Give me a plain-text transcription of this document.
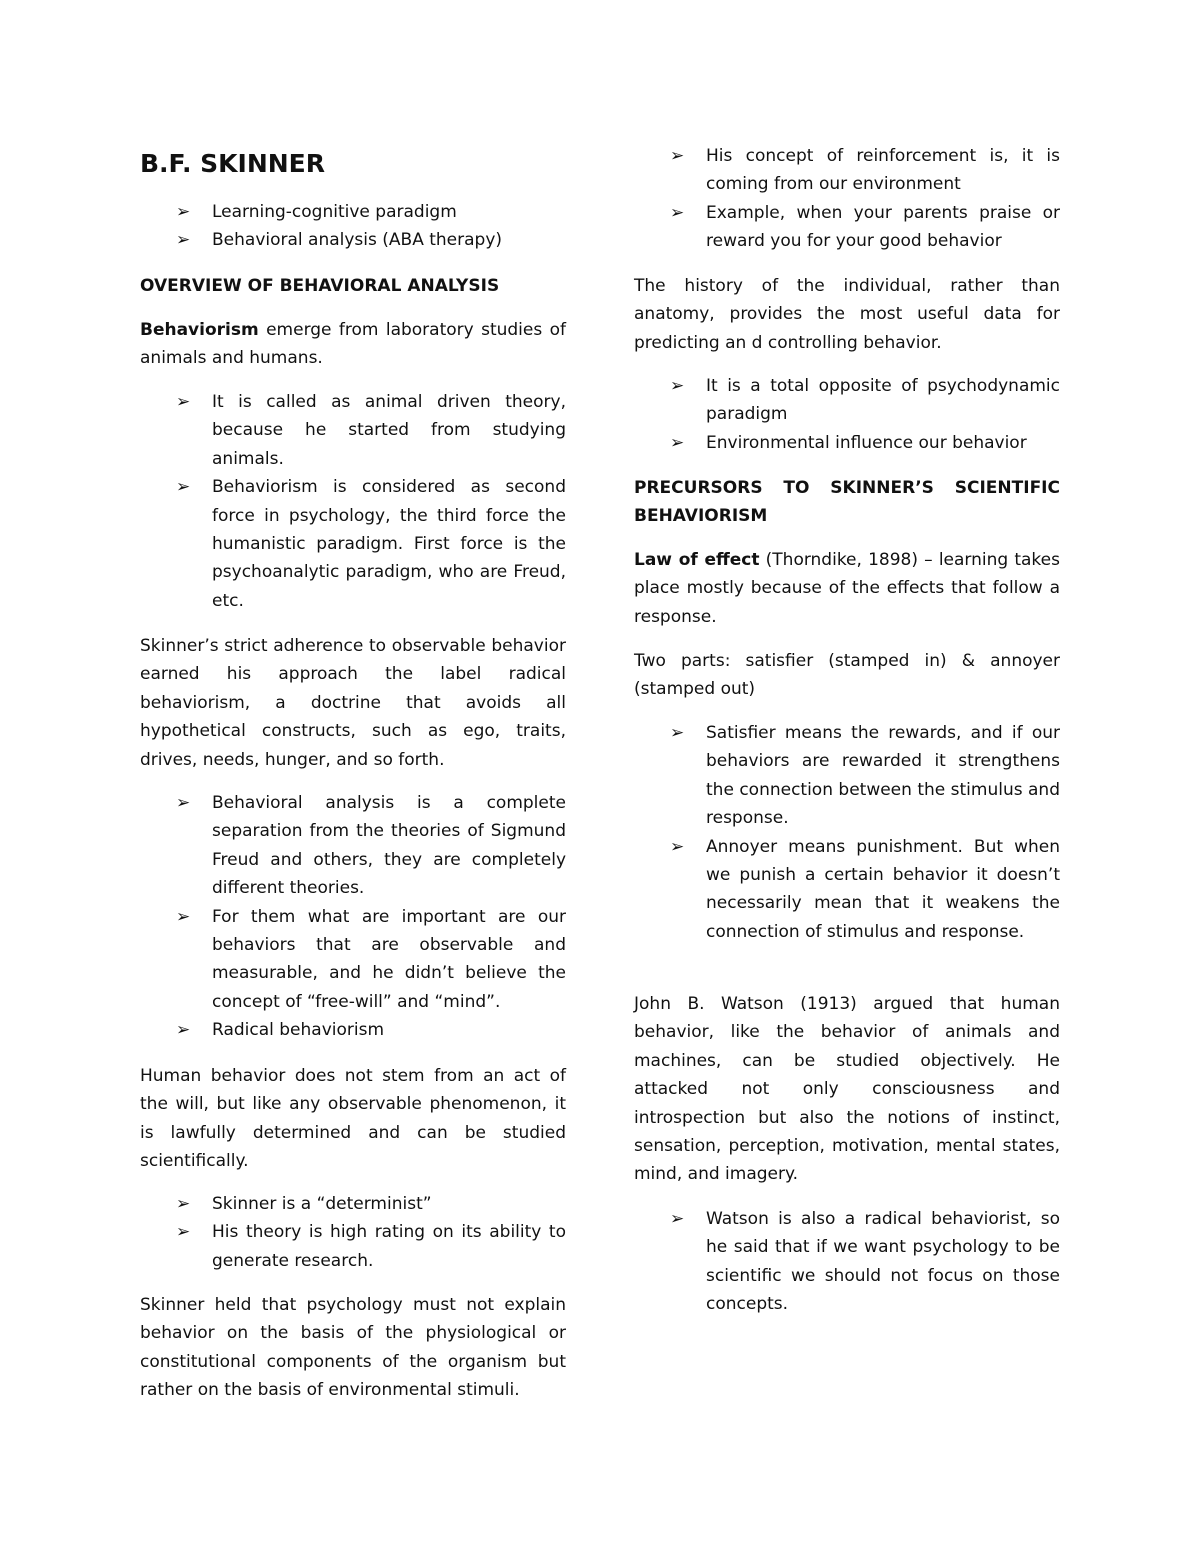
B.F. SKINNER
➢	Learning-cognitive paradigm
➢	Behavioral analysis (ABA therapy)

OVERVIEW OF BEHAVIORAL ANALYSIS

Behaviorism emerge from laboratory studies of animals and humans.

➢	It is called as animal driven theory, because he started from studying animals.
➢	Behaviorism is considered as second force in psychology, the third force the humanistic paradigm. First force is the psychoanalytic paradigm, who are Freud, etc.

Skinner’s strict adherence to observable behavior earned his approach the label radical behaviorism, a doctrine that avoids all hypothetical constructs, such as ego, traits, drives, needs, hunger, and so forth.

➢	Behavioral analysis is a complete separation from the theories of Sigmund Freud and others, they are completely different theories.
➢	For them what are important are our behaviors that are observable and measurable, and he didn’t believe the concept of “free-will” and “mind”.
➢	Radical behaviorism

Human behavior does not stem from an act of the will, but like any observable phenomenon, it is lawfully determined and can be studied scientifically.

➢	Skinner is a “determinist”
➢	His theory is high rating on its ability to generate research.

Skinner held that psychology must not explain behavior on the basis of the physiological or constitutional components of the organism but rather on the basis of environmental stimuli.

➢	His concept of reinforcement is, it is coming from our environment
➢	Example, when your parents praise or reward you for your good behavior

The history of the individual, rather than anatomy, provides the most useful data for predicting an d controlling behavior.

➢	It is a total opposite of psychodynamic paradigm
➢	Environmental influence our behavior

PRECURSORS TO SKINNER’S SCIENTIFIC BEHAVIORISM

Law of effect (Thorndike, 1898) – learning takes place mostly because of the effects that follow a response.

Two parts: satisfier (stamped in) & annoyer (stamped out)

➢	Satisfier means the rewards, and if our behaviors are rewarded it strengthens the connection between the stimulus and response.
➢	Annoyer means punishment. But when we punish a certain behavior it doesn’t necessarily mean that it weakens the connection of stimulus and response.

John B. Watson (1913) argued that human behavior, like the behavior of animals and machines, can be studied objectively. He attacked not only consciousness and introspection but also the notions of instinct, sensation, perception, motivation, mental states, mind, and imagery.

➢	Watson is also a radical behaviorist, so he said that if we want psychology to be scientific we should not focus on those concepts.
